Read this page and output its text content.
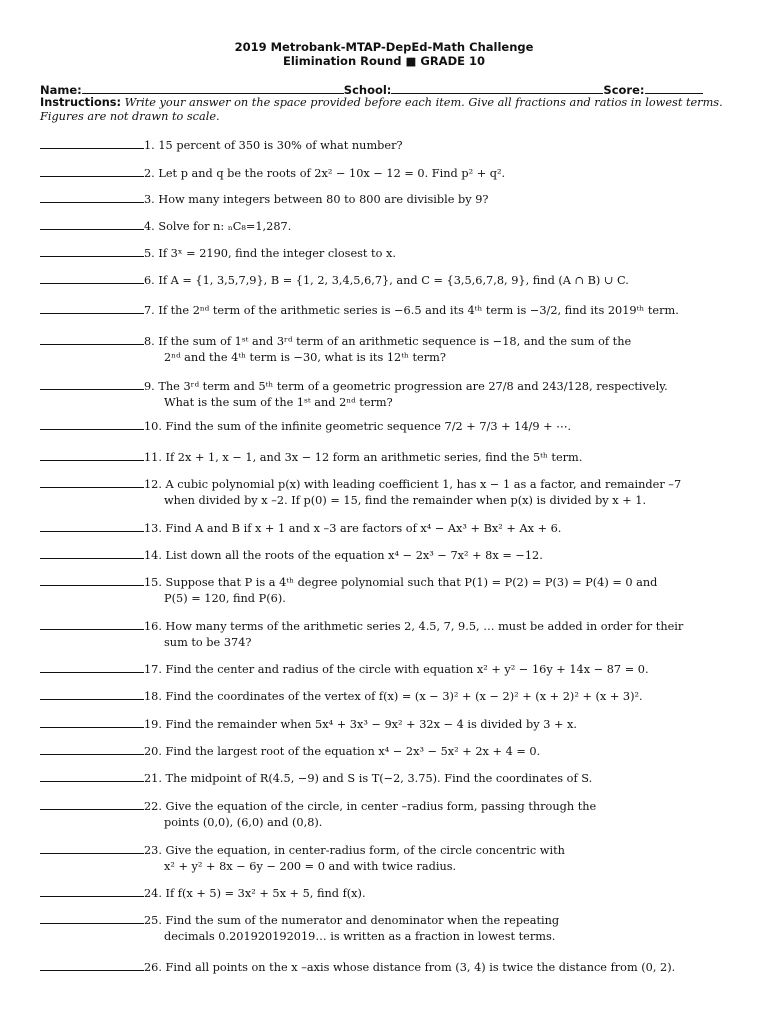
2019 Metrobank-MTAP-DepEd-Math Challenge
Elimination Round ■ GRADE 10
Name:	School:	Score:
Instructions: Write your answer on the space provided before each item. Give all fractions and ratios in lowest terms. Figures are not drawn to scale.
1. 15 percent of 350 is 30% of what number?
2. Let p and q be the roots of 2x² − 10x − 12 = 0. Find p² + q².
3. How many integers between 80 to 800 are divisible by 9?
4. Solve for n: ₙC₈=1,287.
5. If 3ˣ = 2190, find the integer closest to x.
6. If A = {1, 3,5,7,9}, B = {1, 2, 3,4,5,6,7}, and C = {3,5,6,7,8, 9}, find (A ∩ B) ∪ C.
7. If the 2ⁿᵈ term of the arithmetic series is −6.5 and its 4ᵗʰ term is −3/2, find its 2019ᵗʰ term.
8. If the sum of 1ˢᵗ and 3ʳᵈ term of an arithmetic sequence is −18, and the sum of the
2ⁿᵈ and the 4ᵗʰ term is −30, what is its 12ᵗʰ term?
9. The 3ʳᵈ term and 5ᵗʰ term of a geometric progression are 27/8 and 243/128, respectively.
What is the sum of the 1ˢᵗ and 2ⁿᵈ term?
10. Find the sum of the infinite geometric sequence 7/2 + 7/3 + 14/9 + ⋯.
11. If 2x + 1, x − 1, and 3x − 12 form an arithmetic series, find the 5ᵗʰ term.
12. A cubic polynomial p(x) with leading coefficient 1, has x − 1 as a factor, and remainder –7
when divided by x –2. If p(0) = 15, find the remainder when p(x) is divided by x + 1.
13. Find A and B if x + 1 and x –3 are factors of x⁴ − Ax³ + Bx² + Ax + 6.
14. List down all the roots of the equation x⁴ − 2x³ − 7x² + 8x = −12.
15. Suppose that P is a 4ᵗʰ degree polynomial such that P(1) = P(2) = P(3) = P(4) = 0 and
P(5) = 120, find P(6).
16. How many terms of the arithmetic series 2, 4.5, 7, 9.5, … must be added in order for their
sum to be 374?
17. Find the center and radius of the circle with equation x² + y² − 16y + 14x − 87 = 0.
18. Find the coordinates of the vertex of f(x) = (x − 3)² + (x − 2)² + (x + 2)² + (x + 3)².
19. Find the remainder when 5x⁴ + 3x³ − 9x² + 32x − 4 is divided by 3 + x.
20. Find the largest root of the equation x⁴ − 2x³ − 5x² + 2x + 4 = 0.
21. The midpoint of R(4.5, −9) and S is T(−2, 3.75). Find the coordinates of S.
22. Give the equation of the circle, in center –radius form, passing through the
points (0,0), (6,0) and (0,8).
23. Give the equation, in center-radius form, of the circle concentric with
x² + y² + 8x − 6y − 200 = 0 and with twice radius.
24. If f(x + 5) = 3x² + 5x + 5, find f(x).
25. Find the sum of the numerator and denominator when the repeating
decimals 0.201920192019… is written as a fraction in lowest terms.
26. Find all points on the x –axis whose distance from (3, 4) is twice the distance from (0, 2).
